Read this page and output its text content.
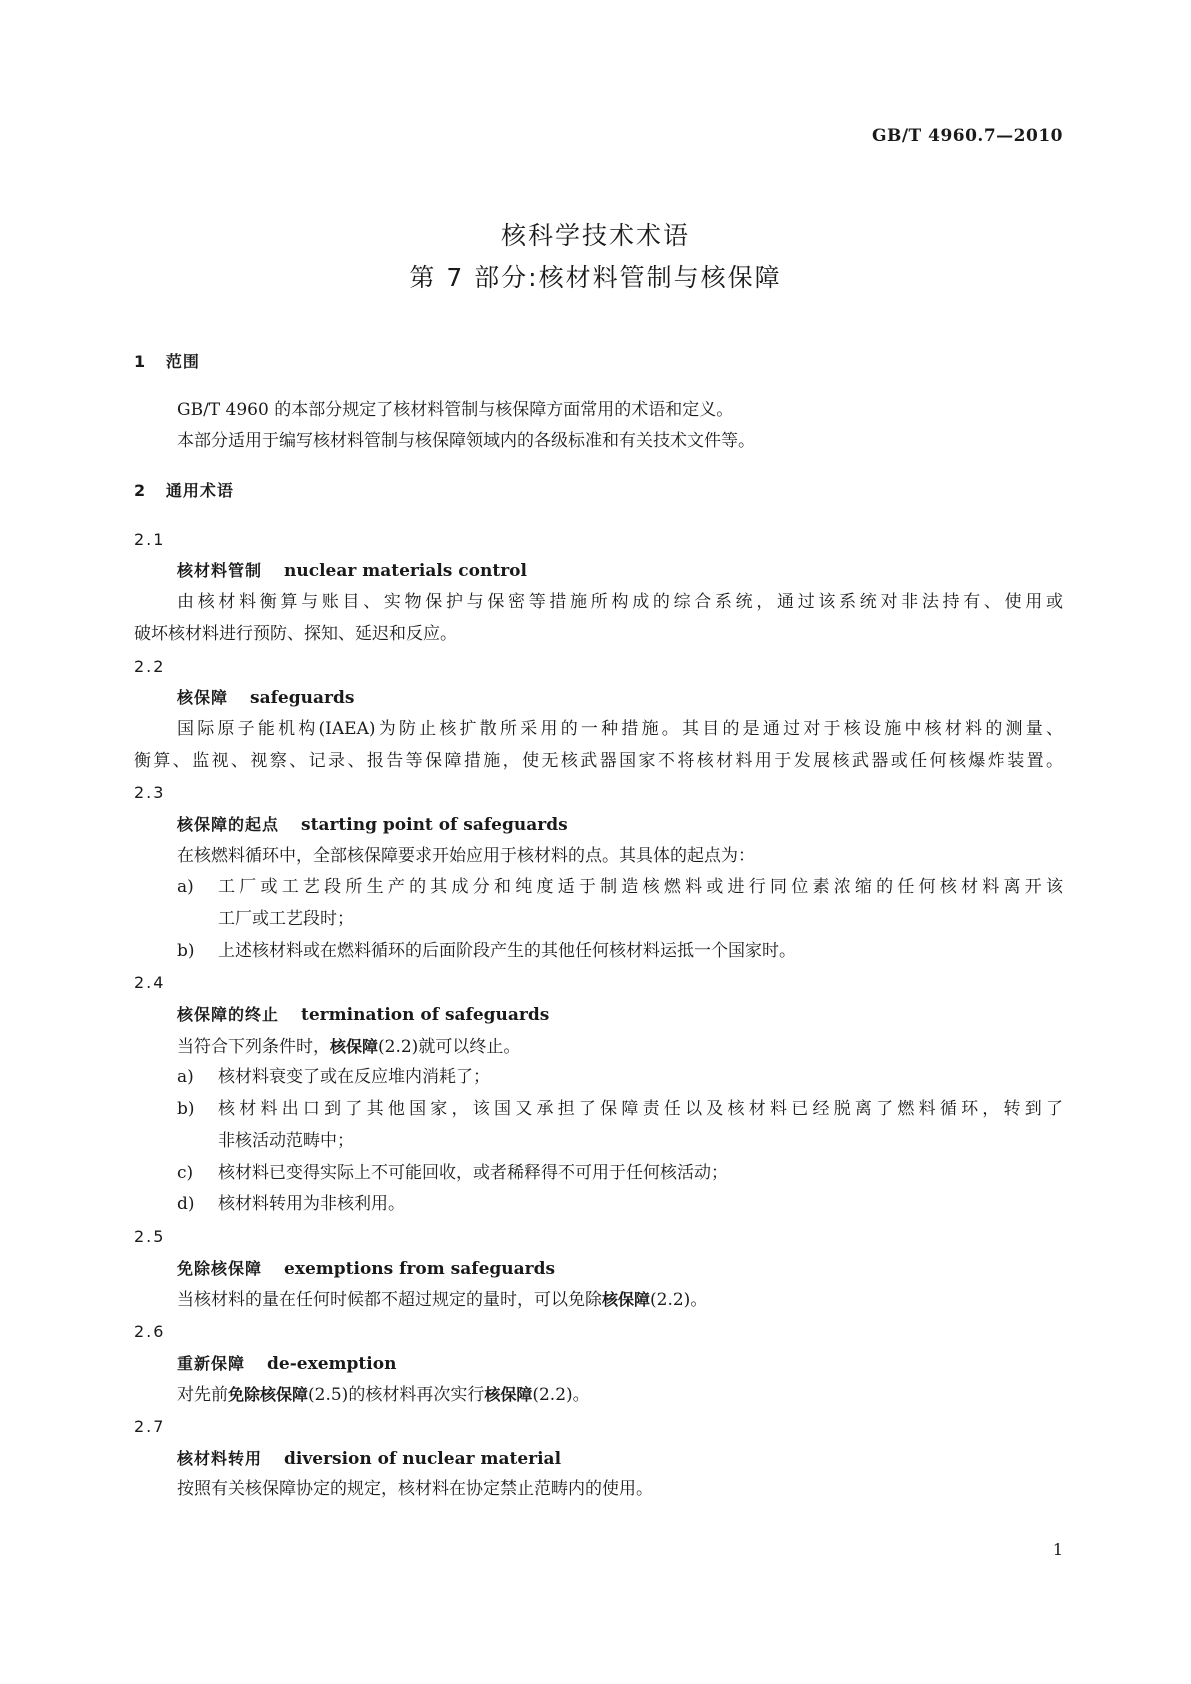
GB/T 4960.7—2010
核科学技术术语
第 7 部分:核材料管制与核保障
1 范围
GB/T 4960 的本部分规定了核材料管制与核保障方面常用的术语和定义。
本部分适用于编写核材料管制与核保障领域内的各级标准和有关技术文件等。
2 通用术语
2.1
核材料管制 nuclear materials control
由核材料衡算与账目、实物保护与保密等措施所构成的综合系统，通过该系统对非法持有、使用或
破坏核材料进行预防、探知、延迟和反应。
2.2
核保障 safeguards
国际原子能机构(IAEA)为防止核扩散所采用的一种措施。其目的是通过对于核设施中核材料的测量、
衡算、监视、视察、记录、报告等保障措施，使无核武器国家不将核材料用于发展核武器或任何核爆炸装置。
2.3
核保障的起点 starting point of safeguards
在核燃料循环中，全部核保障要求开始应用于核材料的点。其具体的起点为：
a)	工厂或工艺段所生产的其成分和纯度适于制造核燃料或进行同位素浓缩的任何核材料离开该
工厂或工艺段时；
b)	上述核材料或在燃料循环的后面阶段产生的其他任何核材料运抵一个国家时。
2.4
核保障的终止 termination of safeguards
当符合下列条件时，核保障(2.2)就可以终止。
a)	核材料衰变了或在反应堆内消耗了；
b)	核材料出口到了其他国家，该国又承担了保障责任以及核材料已经脱离了燃料循环，转到了
非核活动范畴中；
c)	核材料已变得实际上不可能回收，或者稀释得不可用于任何核活动；
d)	核材料转用为非核利用。
2.5
免除核保障 exemptions from safeguards
当核材料的量在任何时候都不超过规定的量时，可以免除核保障(2.2)。
2.6
重新保障 de-exemption
对先前免除核保障(2.5)的核材料再次实行核保障(2.2)。
2.7
核材料转用 diversion of nuclear material
按照有关核保障协定的规定，核材料在协定禁止范畴内的使用。
1
